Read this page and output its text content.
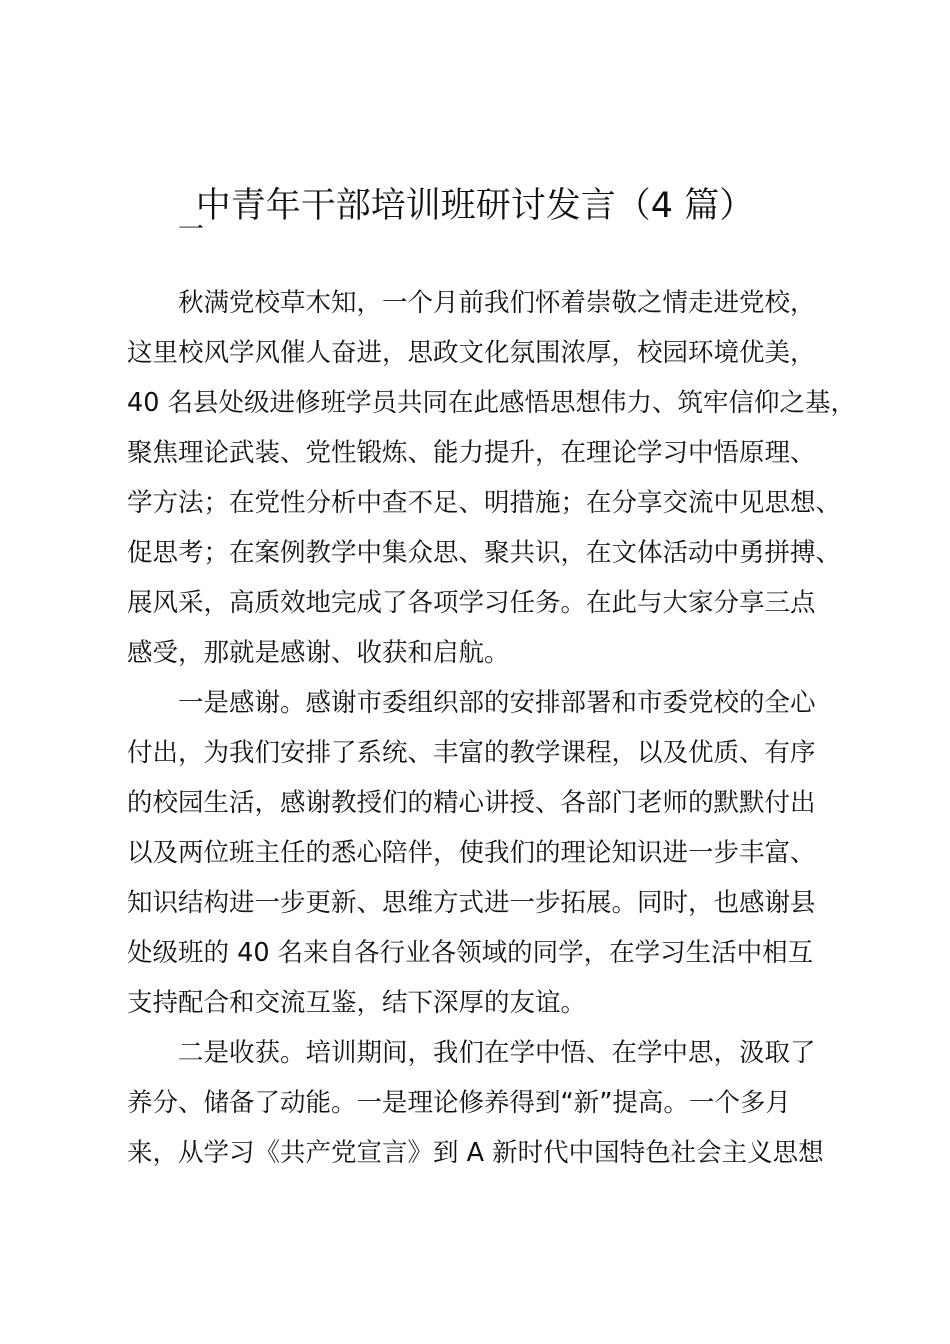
中青年干部培训班研讨发言（4 篇）
一
　　秋满党校草木知，一个月前我们怀着崇敬之情走进党校，
这里校风学风催人奋进，思政文化氛围浓厚，校园环境优美，
40 名县处级进修班学员共同在此感悟思想伟力、筑牢信仰之基，
聚焦理论武装、党性锻炼、能力提升，在理论学习中悟原理、
学方法；在党性分析中查不足、明措施；在分享交流中见思想、
促思考；在案例教学中集众思、聚共识，在文体活动中勇拼搏、
展风采，高质效地完成了各项学习任务。在此与大家分享三点
感受，那就是感谢、收获和启航。
　　一是感谢。感谢市委组织部的安排部署和市委党校的全心
付出，为我们安排了系统、丰富的教学课程，以及优质、有序
的校园生活，感谢教授们的精心讲授、各部门老师的默默付出
以及两位班主任的悉心陪伴，使我们的理论知识进一步丰富、
知识结构进一步更新、思维方式进一步拓展。同时，也感谢县
处级班的 40 名来自各行业各领域的同学，在学习生活中相互
支持配合和交流互鉴，结下深厚的友谊。
　　二是收获。培训期间，我们在学中悟、在学中思，汲取了
养分、储备了动能。一是理论修养得到“新”提高。一个多月
来，从学习《共产党宣言》到 A 新时代中国特色社会主义思想
